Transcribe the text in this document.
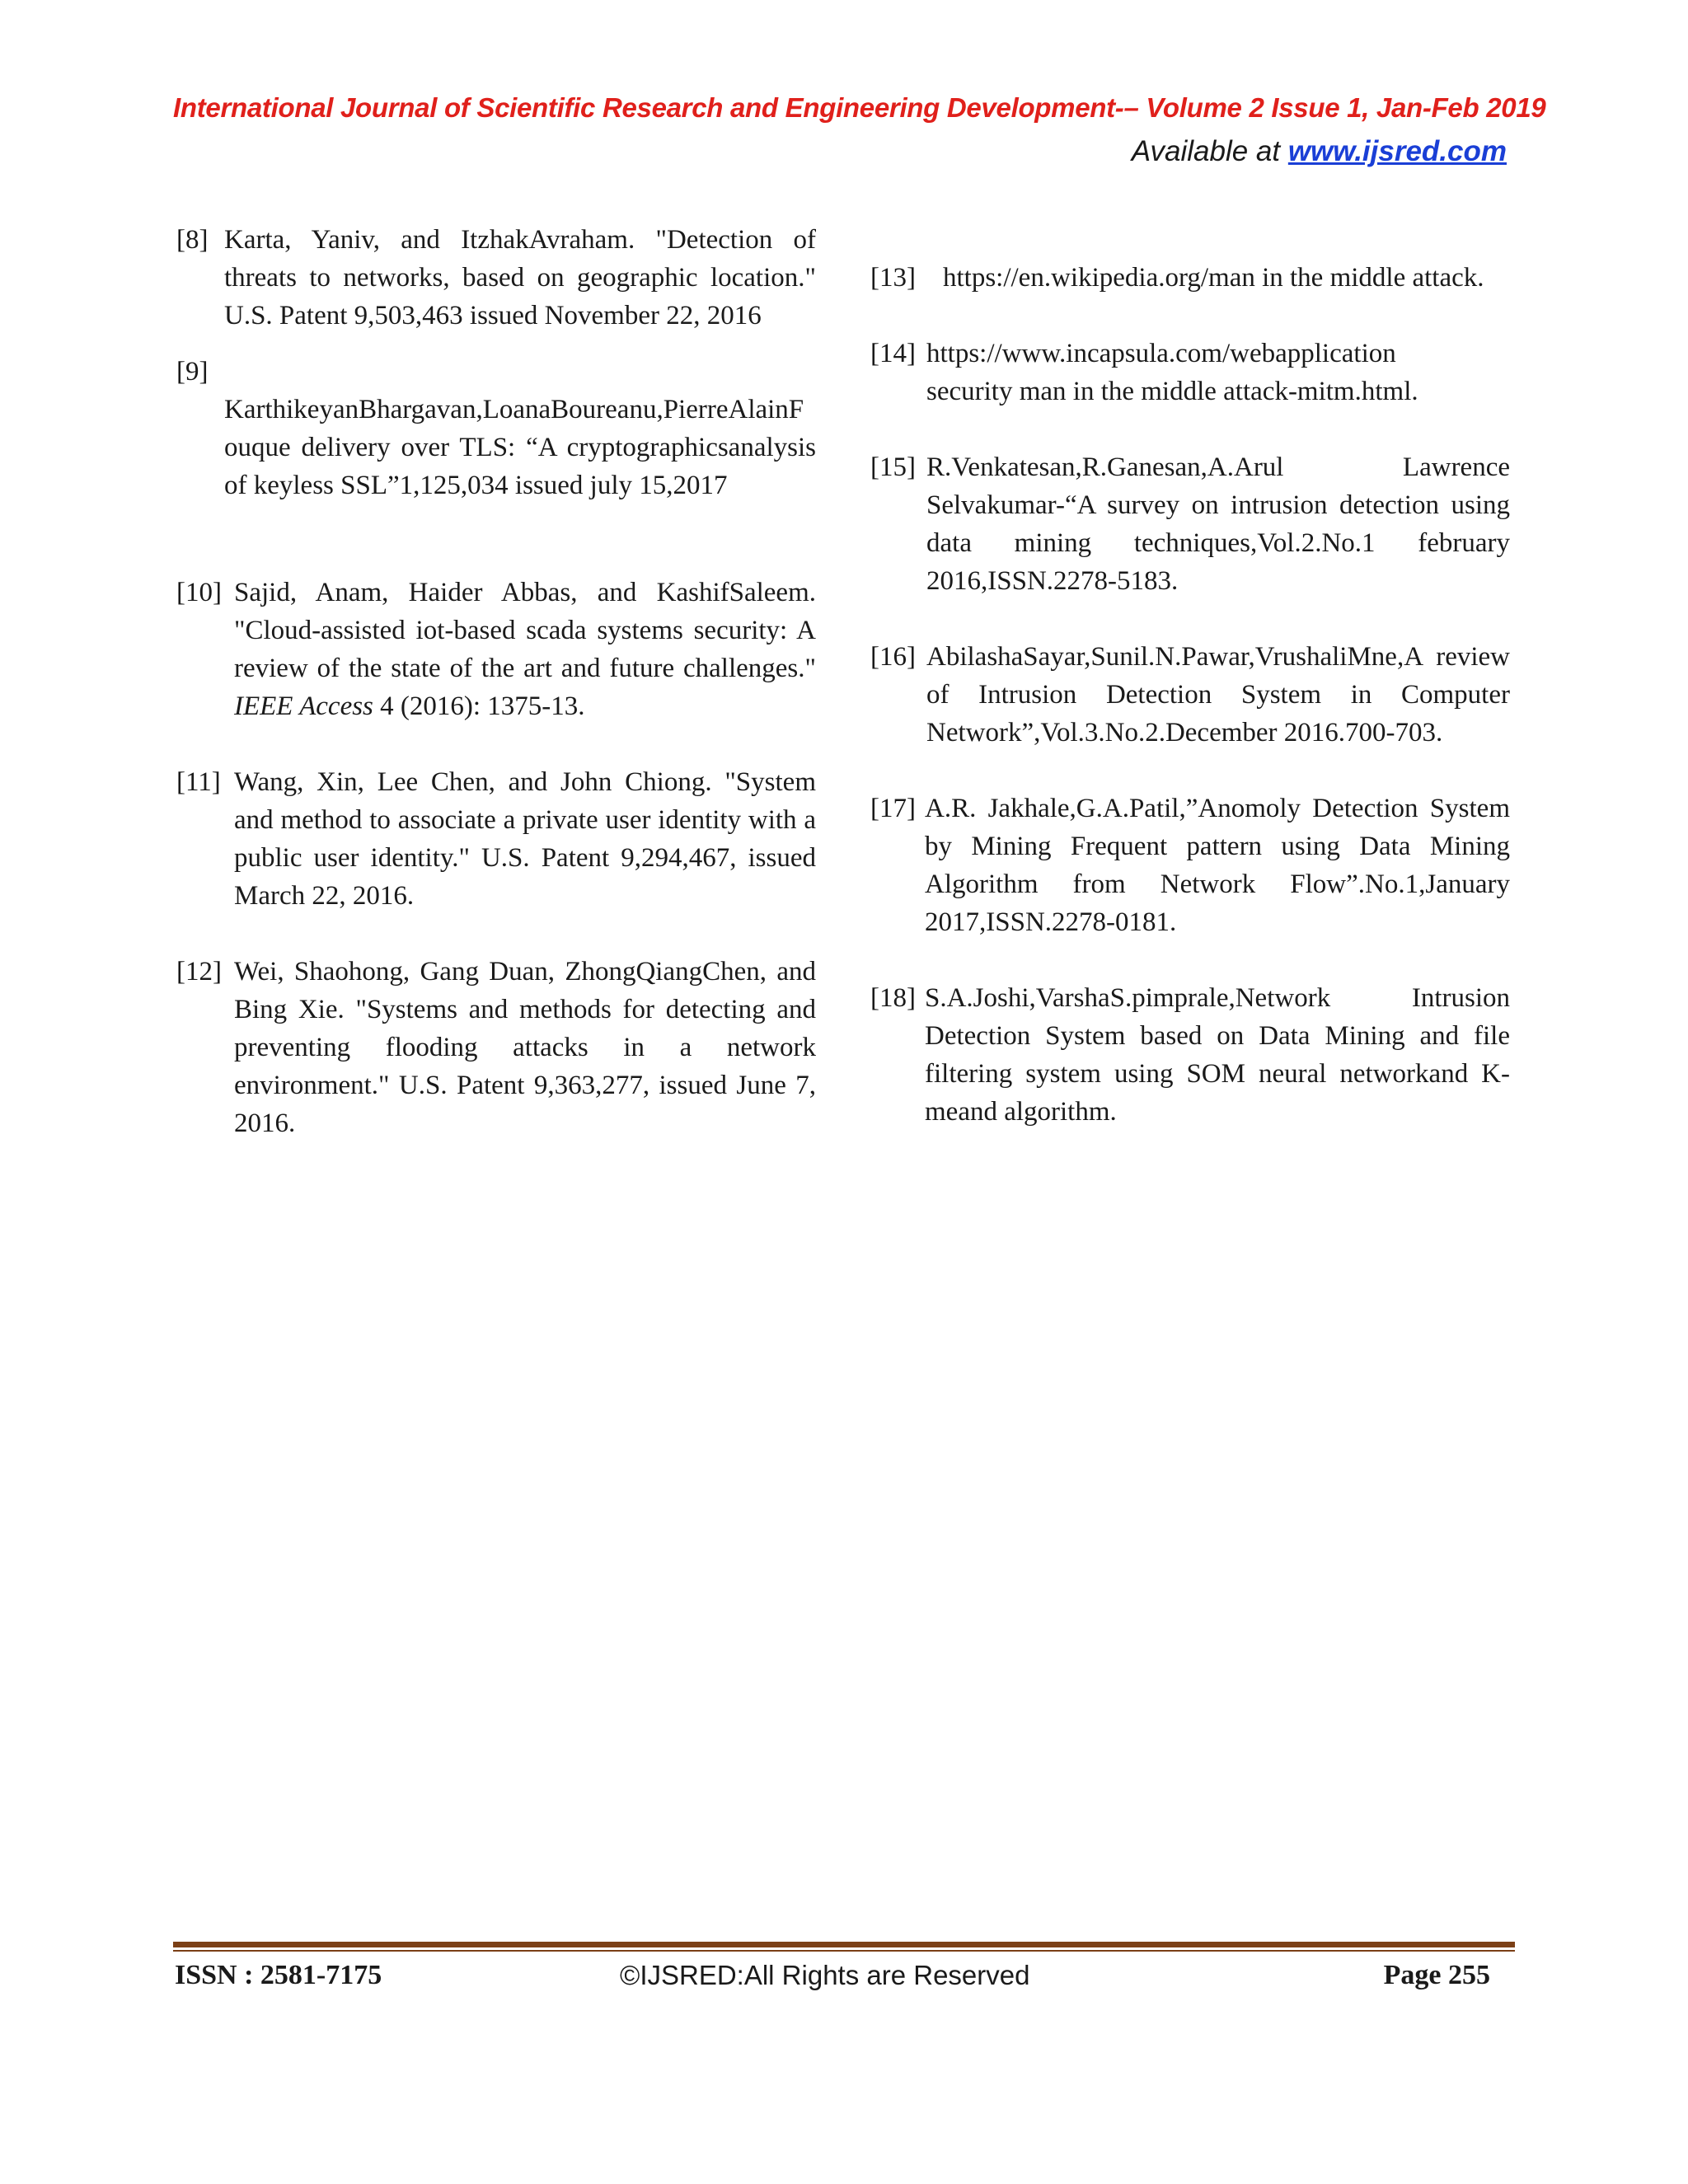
International Journal of Scientific Research and Engineering Development-– Volume 2 Issue 1, Jan-Feb 2019
Available at www.ijsred.com
[8] Karta, Yaniv, and ItzhakAvraham. "Detection of threats to networks, based on geographic location." U.S. Patent 9,503,463 issued November 22, 2016
[9]
KarthikeyanBhargavan,LoanaBoureanu,PierreAlainFouque delivery over TLS: “A cryptographicsanalysis of keyless SSL”1,125,034 issued july 15,2017
[10] Sajid, Anam, Haider Abbas, and KashifSaleem. "Cloud-assisted iot-based scada systems security: A review of the state of the art and future challenges." IEEE Access 4 (2016): 1375-13.
[11] Wang, Xin, Lee Chen, and John Chiong. "System and method to associate a private user identity with a public user identity." U.S. Patent 9,294,467, issued March 22, 2016.
[12] Wei, Shaohong, Gang Duan, ZhongQiangChen, and Bing Xie. "Systems and methods for detecting and preventing flooding attacks in a network environment." U.S. Patent 9,363,277, issued June 7, 2016.
[13] https://en.wikipedia.org/man in the middle attack.
[14] https://www.incapsula.com/webapplication security man in the middle attack-mitm.html.
[15] R.Venkatesan,R.Ganesan,A.Arul Lawrence Selvakumar-“A survey on intrusion detection using data mining techniques,Vol.2.No.1 february 2016,ISSN.2278-5183.
[16] AbilashaSayar,Sunil.N.Pawar,VrushaliMne,A review of Intrusion Detection System in Computer Network”,Vol.3.No.2.December 2016.700-703.
[17] A.R. Jakhale,G.A.Patil,”Anomoly Detection System by Mining Frequent pattern using Data Mining Algorithm from Network Flow”.No.1,January 2017,ISSN.2278-0181.
[18] S.A.Joshi,VarshaS.pimprale,Network Intrusion Detection System based on Data Mining and file filtering system using SOM neural networkand K-meand algorithm.
ISSN : 2581-7175	©IJSRED:All Rights are Reserved	Page 255
